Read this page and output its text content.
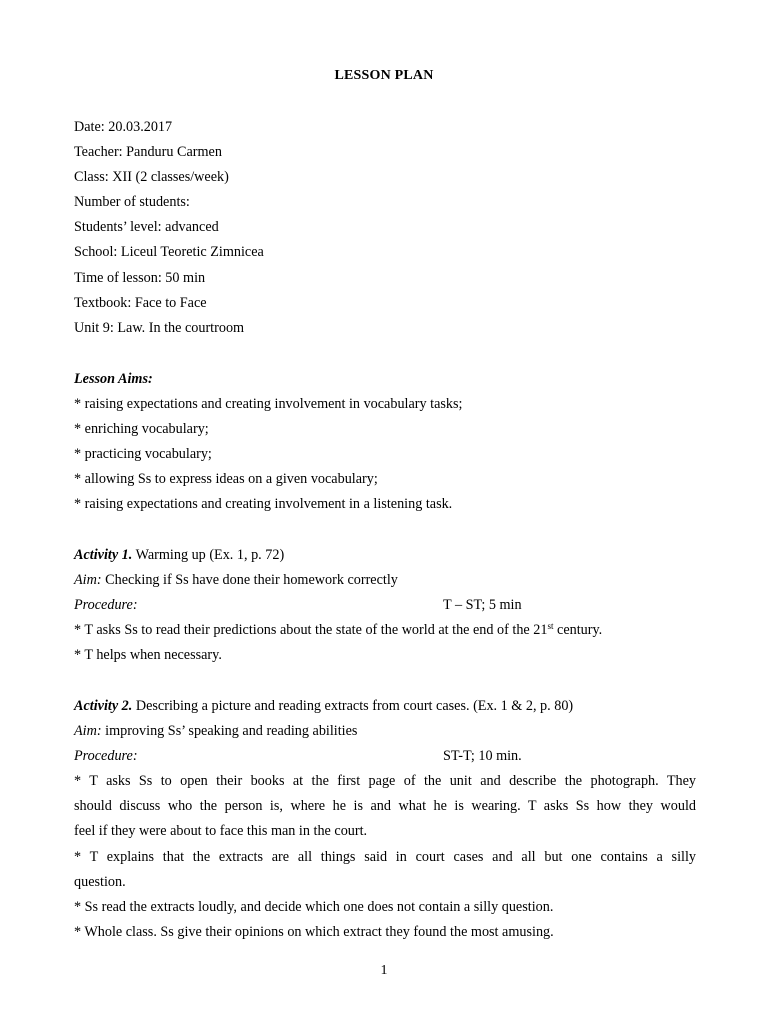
LESSON PLAN
Date: 20.03.2017
Teacher: Panduru Carmen
Class: XII (2 classes/week)
Number of students:
Students’ level: advanced
School: Liceul Teoretic Zimnicea
Time of lesson: 50 min
Textbook: Face to Face
Unit 9: Law. In the courtroom
Lesson Aims:
* raising expectations and creating involvement in vocabulary tasks;
* enriching vocabulary;
* practicing vocabulary;
* allowing Ss to express ideas on a given vocabulary;
* raising expectations and creating involvement in a listening task.
Activity 1. Warming up (Ex. 1, p. 72)
Aim: Checking if Ss have done their homework correctly
Procedure:	T – ST; 5 min
* T asks Ss to read their predictions about the state of the world at the end of the 21st century.
* T helps when necessary.
Activity 2. Describing a picture and reading extracts from court cases. (Ex. 1 & 2, p. 80)
Aim: improving Ss’ speaking and reading abilities
Procedure:	ST-T; 10 min.
* T asks Ss to open their books at the first page of the unit and describe the photograph. They
should discuss who the person is, where he is and what he is wearing. T asks Ss how they would
feel if they were about to face this man in the court.
* T explains that the extracts are all things said in court cases and all but one contains a silly
question.
* Ss read the extracts loudly, and decide which one does not contain a silly question.
* Whole class. Ss give their opinions on which extract they found the most amusing.
1
